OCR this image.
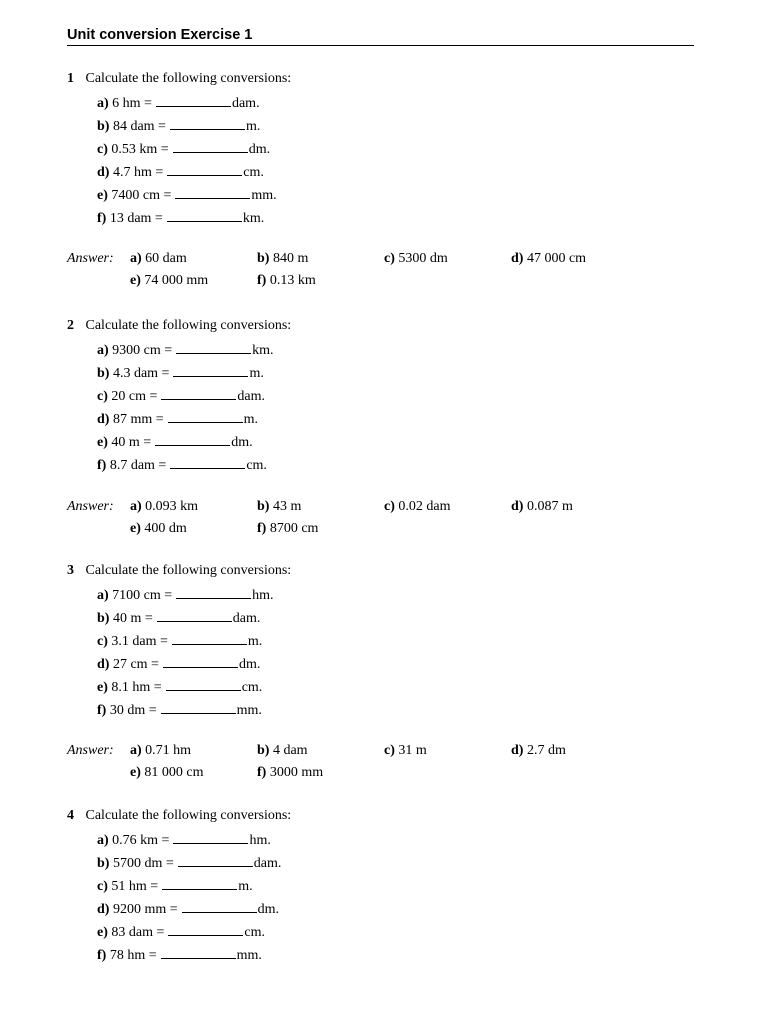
Unit conversion Exercise 1
1 Calculate the following conversions:
a) 6 hm =	dam.
b) 84 dam =	m.
c) 0.53 km =	dm.
d) 4.7 hm =	cm.
e) 7400 cm =	mm.
f) 13 dam =	km.
Answer: a) 60 dam	b) 840 m	c) 5300 dm	d) 47 000 cm
e) 74 000 mm	f) 0.13 km
2 Calculate the following conversions:
a) 9300 cm =	km.
b) 4.3 dam =	m.
c) 20 cm =	dam.
d) 87 mm =	m.
e) 40 m =	dm.
f) 8.7 dam =	cm.
Answer: a) 0.093 km	b) 43 m	c) 0.02 dam	d) 0.087 m
e) 400 dm	f) 8700 cm
3 Calculate the following conversions:
a) 7100 cm =	hm.
b) 40 m =	dam.
c) 3.1 dam =	m.
d) 27 cm =	dm.
e) 8.1 hm =	cm.
f) 30 dm =	mm.
Answer: a) 0.71 hm	b) 4 dam	c) 31 m	d) 2.7 dm
e) 81 000 cm	f) 3000 mm
4 Calculate the following conversions:
a) 0.76 km =	hm.
b) 5700 dm =	dam.
c) 51 hm =	m.
d) 9200 mm =	dm.
e) 83 dam =	cm.
f) 78 hm =	mm.
